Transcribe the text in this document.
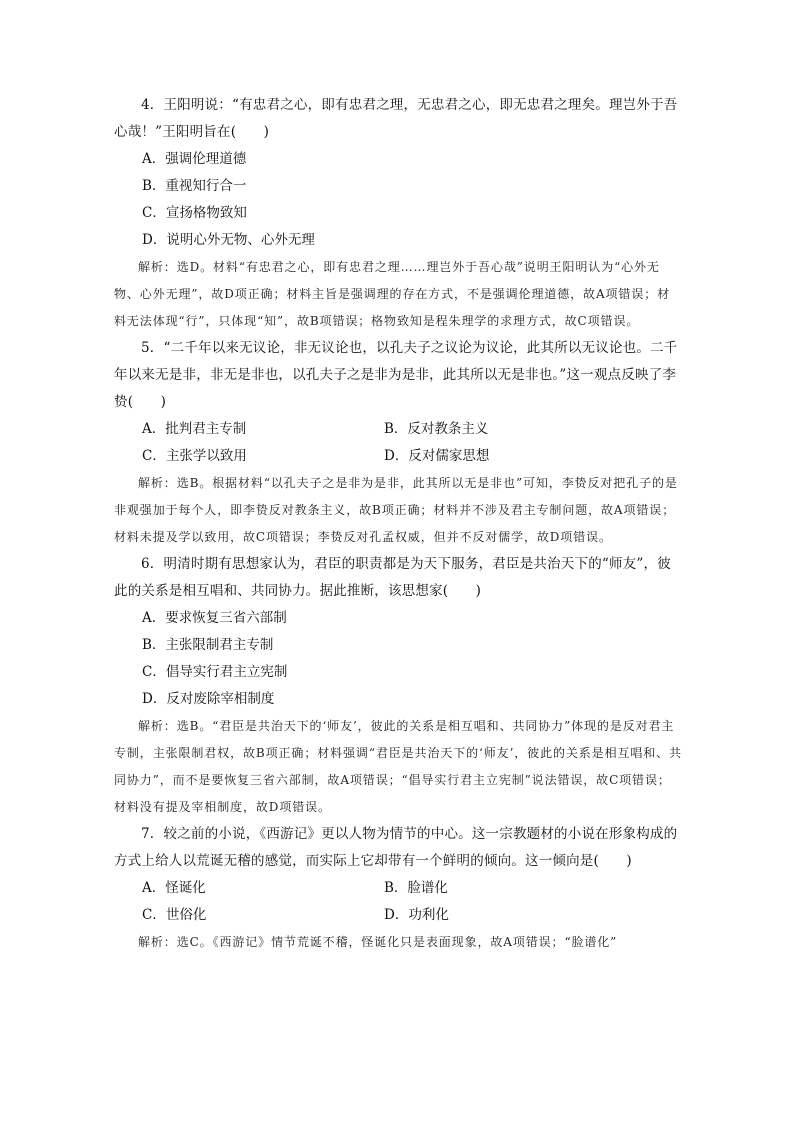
4．王阳明说：“有忠君之心，即有忠君之理，无忠君之心，即无忠君之理矣。理岂外于吾心哉！”王阳明旨在(　　)

A．强调伦理道德

B．重视知行合一

C．宣扬格物致知

D．说明心外无物、心外无理

解析：选D。材料“有忠君之心，即有忠君之理……理岂外于吾心哉”说明王阳明认为“心外无物、心外无理”，故D项正确；材料主旨是强调理的存在方式，不是强调伦理道德，故A项错误；材料无法体现“行”，只体现“知”，故B项错误；格物致知是程朱理学的求理方式，故C项错误。

5．“二千年以来无议论，非无议论也，以孔夫子之议论为议论，此其所以无议论也。二千年以来无是非，非无是非也，以孔夫子之是非为是非，此其所以无是非也。”这一观点反映了李贽(　　)

A．批判君主专制	B．反对教条主义
C．主张学以致用	D．反对儒家思想

解析：选B。根据材料“以孔夫子之是非为是非，此其所以无是非也”可知，李贽反对把孔子的是非观强加于每个人，即李贽反对教条主义，故B项正确；材料并不涉及君主专制问题，故A项错误；材料未提及学以致用，故C项错误；李贽反对孔孟权威，但并不反对儒学，故D项错误。

6．明清时期有思想家认为，君臣的职责都是为天下服务，君臣是共治天下的“师友”，彼此的关系是相互唱和、共同协力。据此推断，该思想家(　　)

A．要求恢复三省六部制

B．主张限制君主专制

C．倡导实行君主立宪制

D．反对废除宰相制度

解析：选B。“君臣是共治天下的‘师友’，彼此的关系是相互唱和、共同协力”体现的是反对君主专制，主张限制君权，故B项正确；材料强调“君臣是共治天下的‘师友’，彼此的关系是相互唱和、共同协力”，而不是要恢复三省六部制，故A项错误；“倡导实行君主立宪制”说法错误，故C项错误；材料没有提及宰相制度，故D项错误。

7．较之前的小说，《西游记》更以人物为情节的中心。这一宗教题材的小说在形象构成的方式上给人以荒诞无稽的感觉，而实际上它却带有一个鲜明的倾向。这一倾向是(　　)

A．怪诞化	B．脸谱化
C．世俗化	D．功利化

解析：选C。《西游记》情节荒诞不稽，怪诞化只是表面现象，故A项错误；“脸谱化”
